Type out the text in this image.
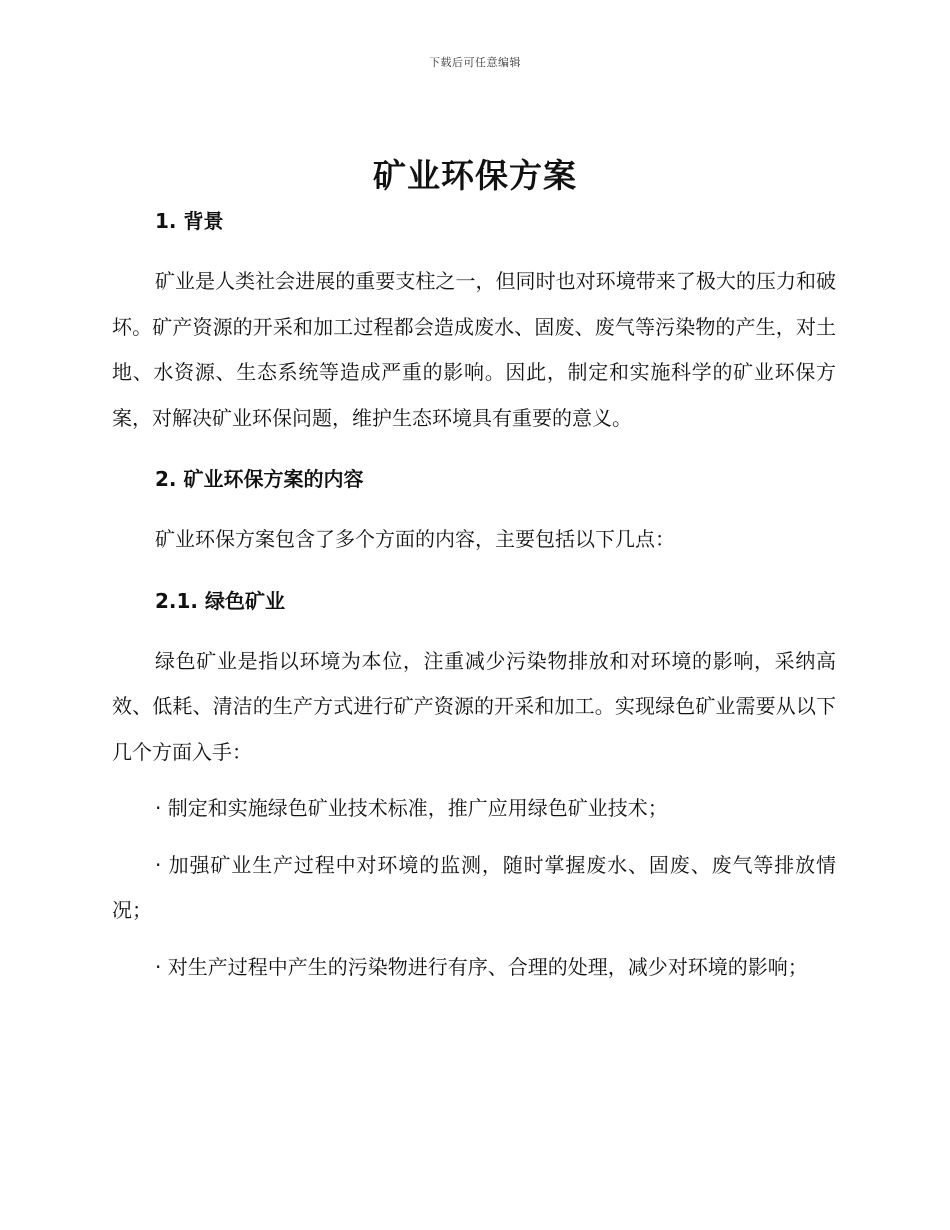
下载后可任意编辑
矿业环保方案

1. 背景

矿业是人类社会进展的重要支柱之一，但同时也对环境带来了极大的压力和破坏。矿产资源的开采和加工过程都会造成废水、固废、废气等污染物的产生，对土地、水资源、生态系统等造成严重的影响。因此，制定和实施科学的矿业环保方案，对解决矿业环保问题，维护生态环境具有重要的意义。

2. 矿业环保方案的内容

矿业环保方案包含了多个方面的内容，主要包括以下几点：

2.1. 绿色矿业

绿色矿业是指以环境为本位，注重减少污染物排放和对环境的影响，采纳高效、低耗、清洁的生产方式进行矿产资源的开采和加工。实现绿色矿业需要从以下几个方面入手：

· 制定和实施绿色矿业技术标准，推广应用绿色矿业技术；

· 加强矿业生产过程中对环境的监测，随时掌握废水、固废、废气等排放情况；

· 对生产过程中产生的污染物进行有序、合理的处理，减少对环境的影响；
